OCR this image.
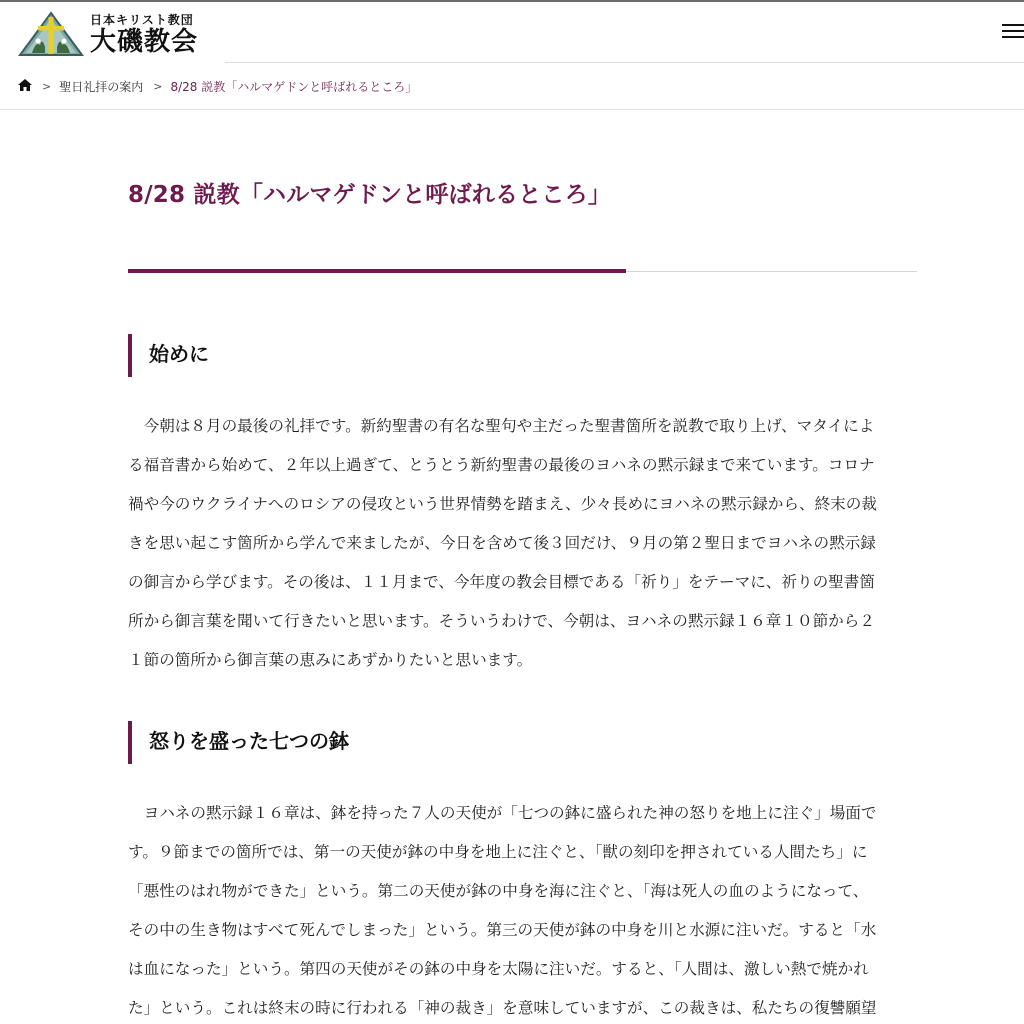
日本キリスト教団
大磯教会
> 聖日礼拝の案内 > 8/28 説教「ハルマゲドンと呼ばれるところ」
8/28 説教「ハルマゲドンと呼ばれるところ」
始めに
　今朝は８月の最後の礼拝です。新約聖書の有名な聖句や主だった聖書箇所を説教で取り上げ、マタイによ
る福音書から始めて、２年以上過ぎて、とうとう新約聖書の最後のヨハネの黙示録まで来ています。コロナ
禍や今のウクライナへのロシアの侵攻という世界情勢を踏まえ、少々長めにヨハネの黙示録から、終末の裁
きを思い起こす箇所から学んで来ましたが、今日を含めて後３回だけ、９月の第２聖日までヨハネの黙示録
の御言から学びます。その後は、１１月まで、今年度の教会目標である「祈り」をテーマに、祈りの聖書箇
所から御言葉を聞いて行きたいと思います。そういうわけで、今朝は、ヨハネの黙示録１６章１０節から２
１節の箇所から御言葉の恵みにあずかりたいと思います。
怒りを盛った七つの鉢
　ヨハネの黙示録１６章は、鉢を持った７人の天使が「七つの鉢に盛られた神の怒りを地上に注ぐ」場面で
す。９節までの箇所では、第一の天使が鉢の中身を地上に注ぐと、「獣の刻印を押されている人間たち」に
「悪性のはれ物ができた」という。第二の天使が鉢の中身を海に注ぐと、「海は死人の血のようになって、
その中の生き物はすべて死んでしまった」という。第三の天使が鉢の中身を川と水源に注いだ。すると「水
は血になった」という。第四の天使がその鉢の中身を太陽に注いだ。すると、「人間は、激しい熱で焼かれ
た」という。これは終末の時に行われる「神の裁き」を意味していますが、この裁きは、私たちの復讐願望
